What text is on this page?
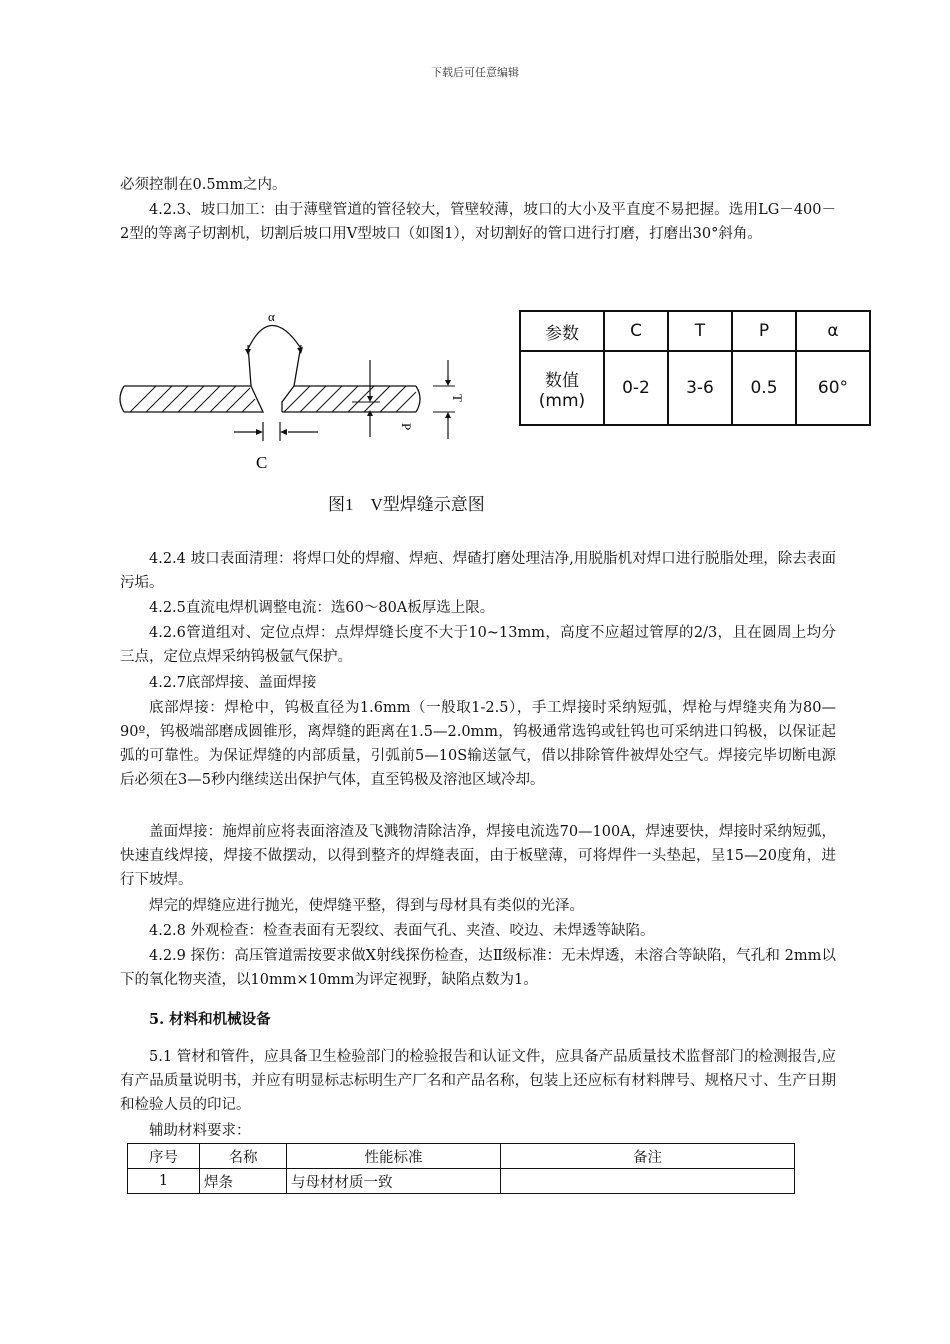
下载后可任意编辑

必须控制在0.5mm之内。

4.2.3、坡口加工：由于薄壁管道的管径较大，管壁较薄，坡口的大小及平直度不易把握。选用LG－400－2型的等离子切割机，切割后坡口用Ⅴ型坡口（如图1），对切割好的管口进行打磨，打磨出30°斜角。

α
C
P
T
图1　V型焊缝示意图
参数	C	T	P	α

数值
(mm)	0-2	3-6	0.5	60°

4.2.4 坡口表面清理：将焊口处的焊瘤、焊疤、焊碴打磨处理洁净,用脱脂机对焊口进行脱脂处理，除去表面污垢。

4.2.5直流电焊机调整电流：选60～80A板厚选上限。

4.2.6管道组对、定位点焊：点焊焊缝长度不大于10~13mm，高度不应超过管厚的2/3，且在圆周上均分三点，定位点焊采纳钨极氩气保护。

4.2.7底部焊接、盖面焊接

底部焊接：焊枪中，钨极直径为1.6mm（一般取1-2.5），手工焊接时采纳短弧，焊枪与焊缝夹角为80—90º，钨极端部磨成圆锥形，离焊缝的距离在1.5—2.0mm，钨极通常选钨或钍钨也可采纳进口钨极，以保证起弧的可靠性。为保证焊缝的内部质量，引弧前5—10S输送氩气，借以排除管件被焊处空气。焊接完毕切断电源后必须在3—5秒内继续送出保护气体，直至钨极及溶池区域冷却。

盖面焊接：施焊前应将表面溶渣及飞溅物清除洁净，焊接电流选70—100A，焊速要快，焊接时采纳短弧，快速直线焊接，焊接不做摆动，以得到整齐的焊缝表面，由于板壁薄，可将焊件一头垫起，呈15—20度角，进行下坡焊。

焊完的焊缝应进行抛光，使焊缝平整，得到与母材具有类似的光泽。

4.2.8 外观检查：检查表面有无裂纹、表面气孔、夹渣、咬边、未焊透等缺陷。

4.2.9 探伤：高压管道需按要求做X射线探伤检查，达Ⅱ级标准：无未焊透，未溶合等缺陷，气孔和 2mm以下的氧化物夹渣，以10mm×10mm为评定视野，缺陷点数为1。

5. 材料和机械设备

5.1 管材和管件，应具备卫生检验部门的检验报告和认证文件，应具备产品质量技术监督部门的检测报告,应有产品质量说明书，并应有明显标志标明生产厂名和产品名称，包装上还应标有材料牌号、规格尺寸、生产日期和检验人员的印记。

辅助材料要求：

序号	名称	性能标准	备注
1	焊条	与母材材质一致	
